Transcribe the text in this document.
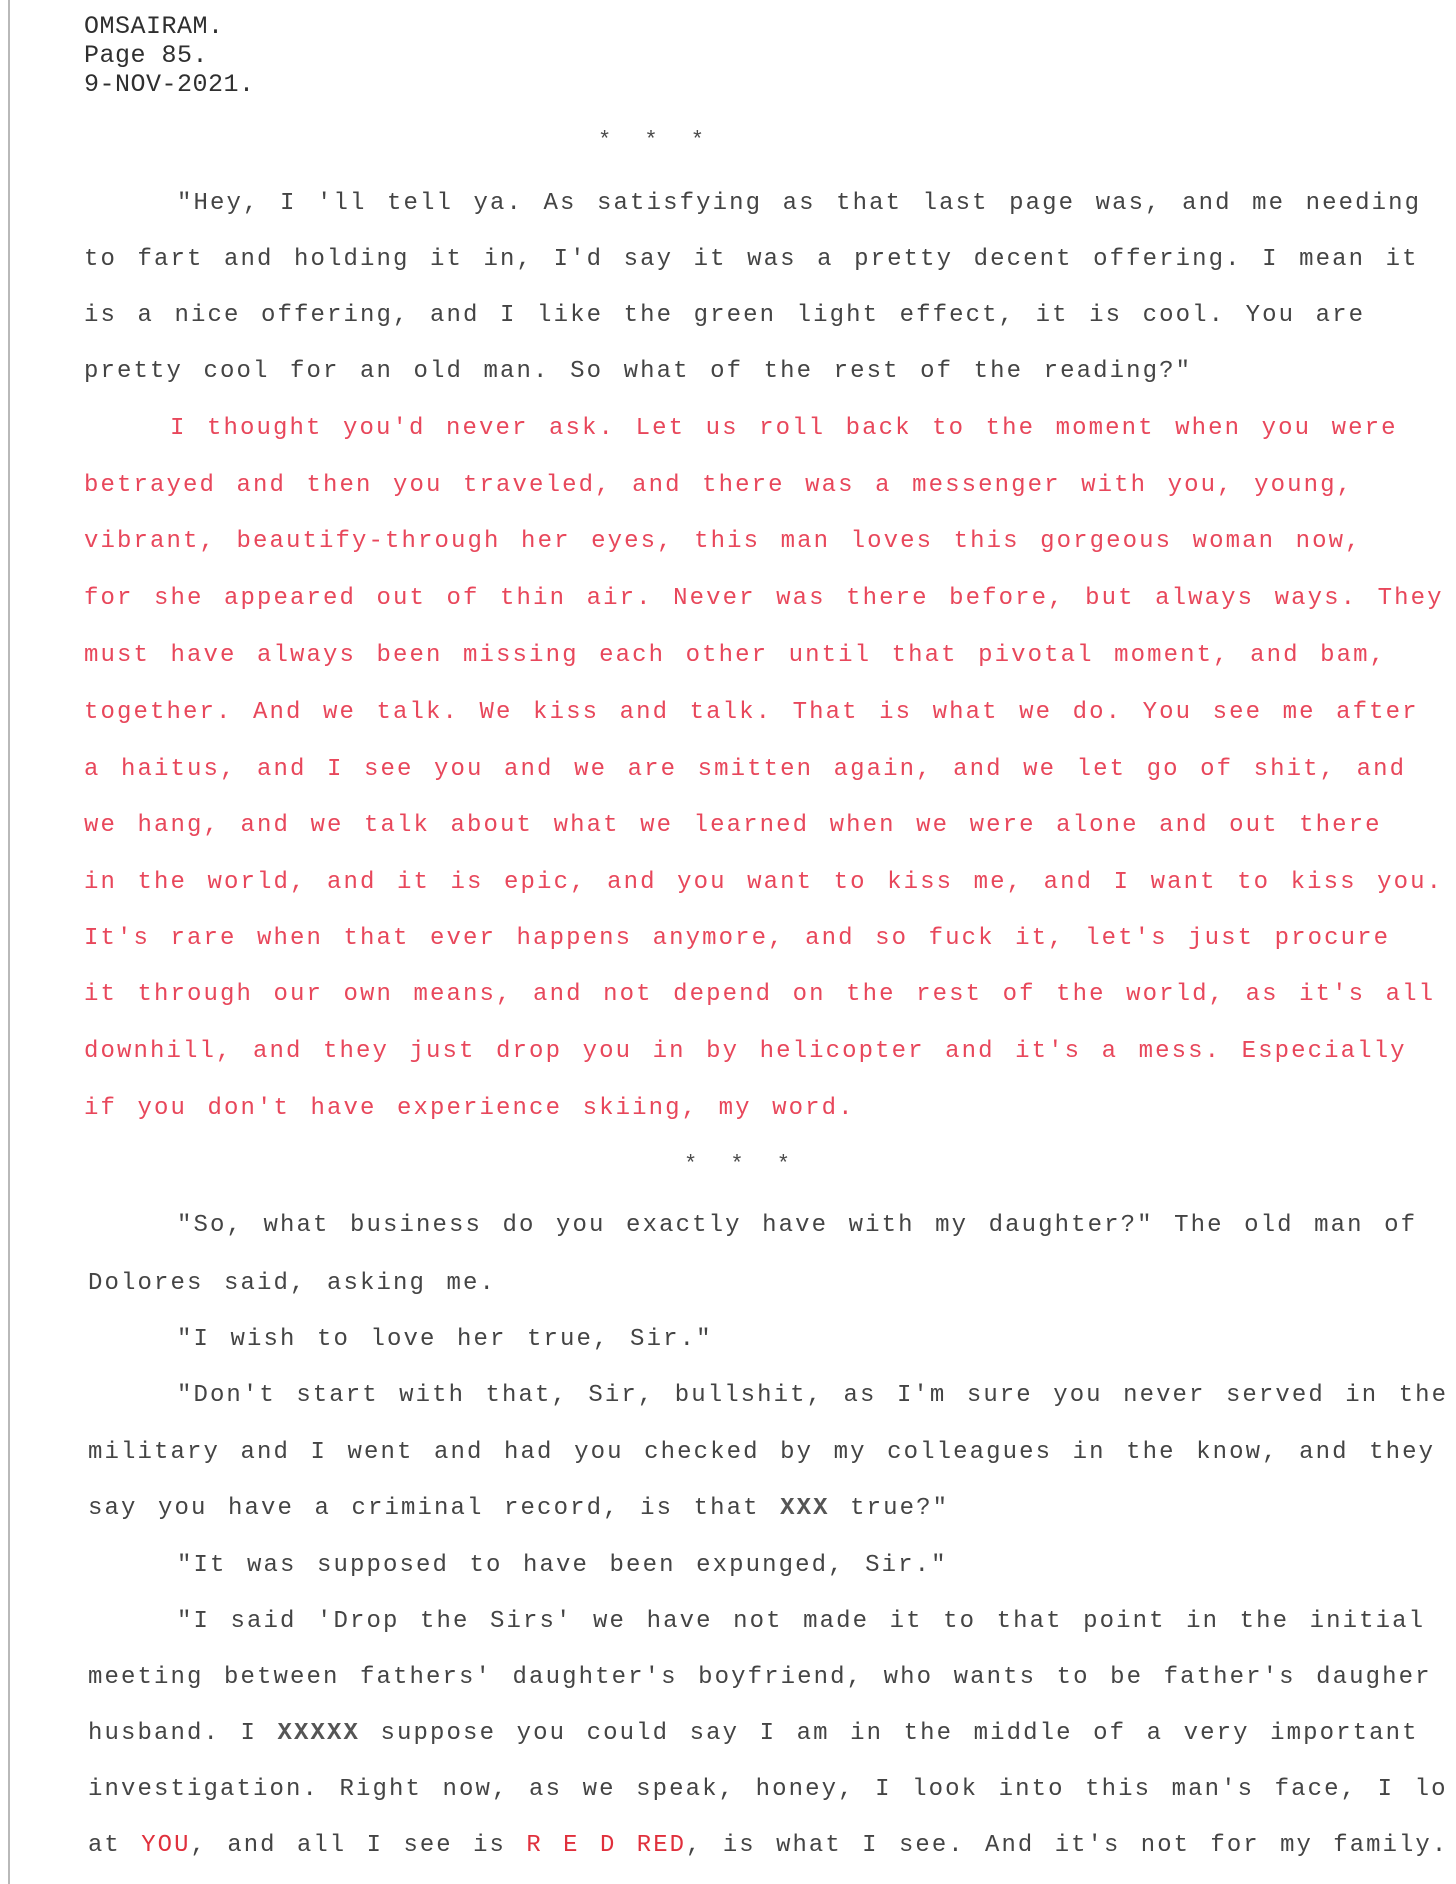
OMSAIRAM.
Page 85.
9-NOV-2021.
* * *
"Hey, I 'll tell ya. As satisfying as that last page was, and me needing
to fart and holding it in, I'd say it was a pretty decent offering. I mean it
is a nice offering, and I like the green light effect, it is cool. You are
pretty cool for an old man. So what of the rest of the reading?"
I thought you'd never ask. Let us roll back to the moment when you were
betrayed and then you traveled, and there was a messenger with you, young,
vibrant, beautify-through her eyes, this man loves this gorgeous woman now,
for she appeared out of thin air. Never was there before, but always ways. They
must have always been missing each other until that pivotal moment, and bam,
together. And we talk. We kiss and talk. That is what we do. You see me after
a haitus, and I see you and we are smitten again, and we let go of shit, and
we hang, and we talk about what we learned when we were alone and out there
in the world, and it is epic, and you want to kiss me, and I want to kiss you.
It's rare when that ever happens anymore, and so fuck it, let's just procure
it through our own means, and not depend on the rest of the world, as it's all
downhill, and they just drop you in by helicopter and it's a mess. Especially
if you don't have experience skiing, my word.
* * *
"So, what business do you exactly have with my daughter?" The old man of
Dolores said, asking me.
"I wish to love her true, Sir."
"Don't start with that, Sir, bullshit, as I'm sure you never served in the
military and I went and had you checked by my colleagues in the know, and they
say you have a criminal record, is that XXX true?"
"It was supposed to have been expunged, Sir."
"I said 'Drop the Sirs' we have not made it to that point in the initial
meeting between fathers' daughter's boyfriend, who wants to be father's daugher
husband. I XXXXX suppose you could say I am in the middle of a very important
investigation. Right now, as we speak, honey, I look into this man's face, I lo
at YOU, and all I see is R E D RED, is what I see. And it's not for my family.
